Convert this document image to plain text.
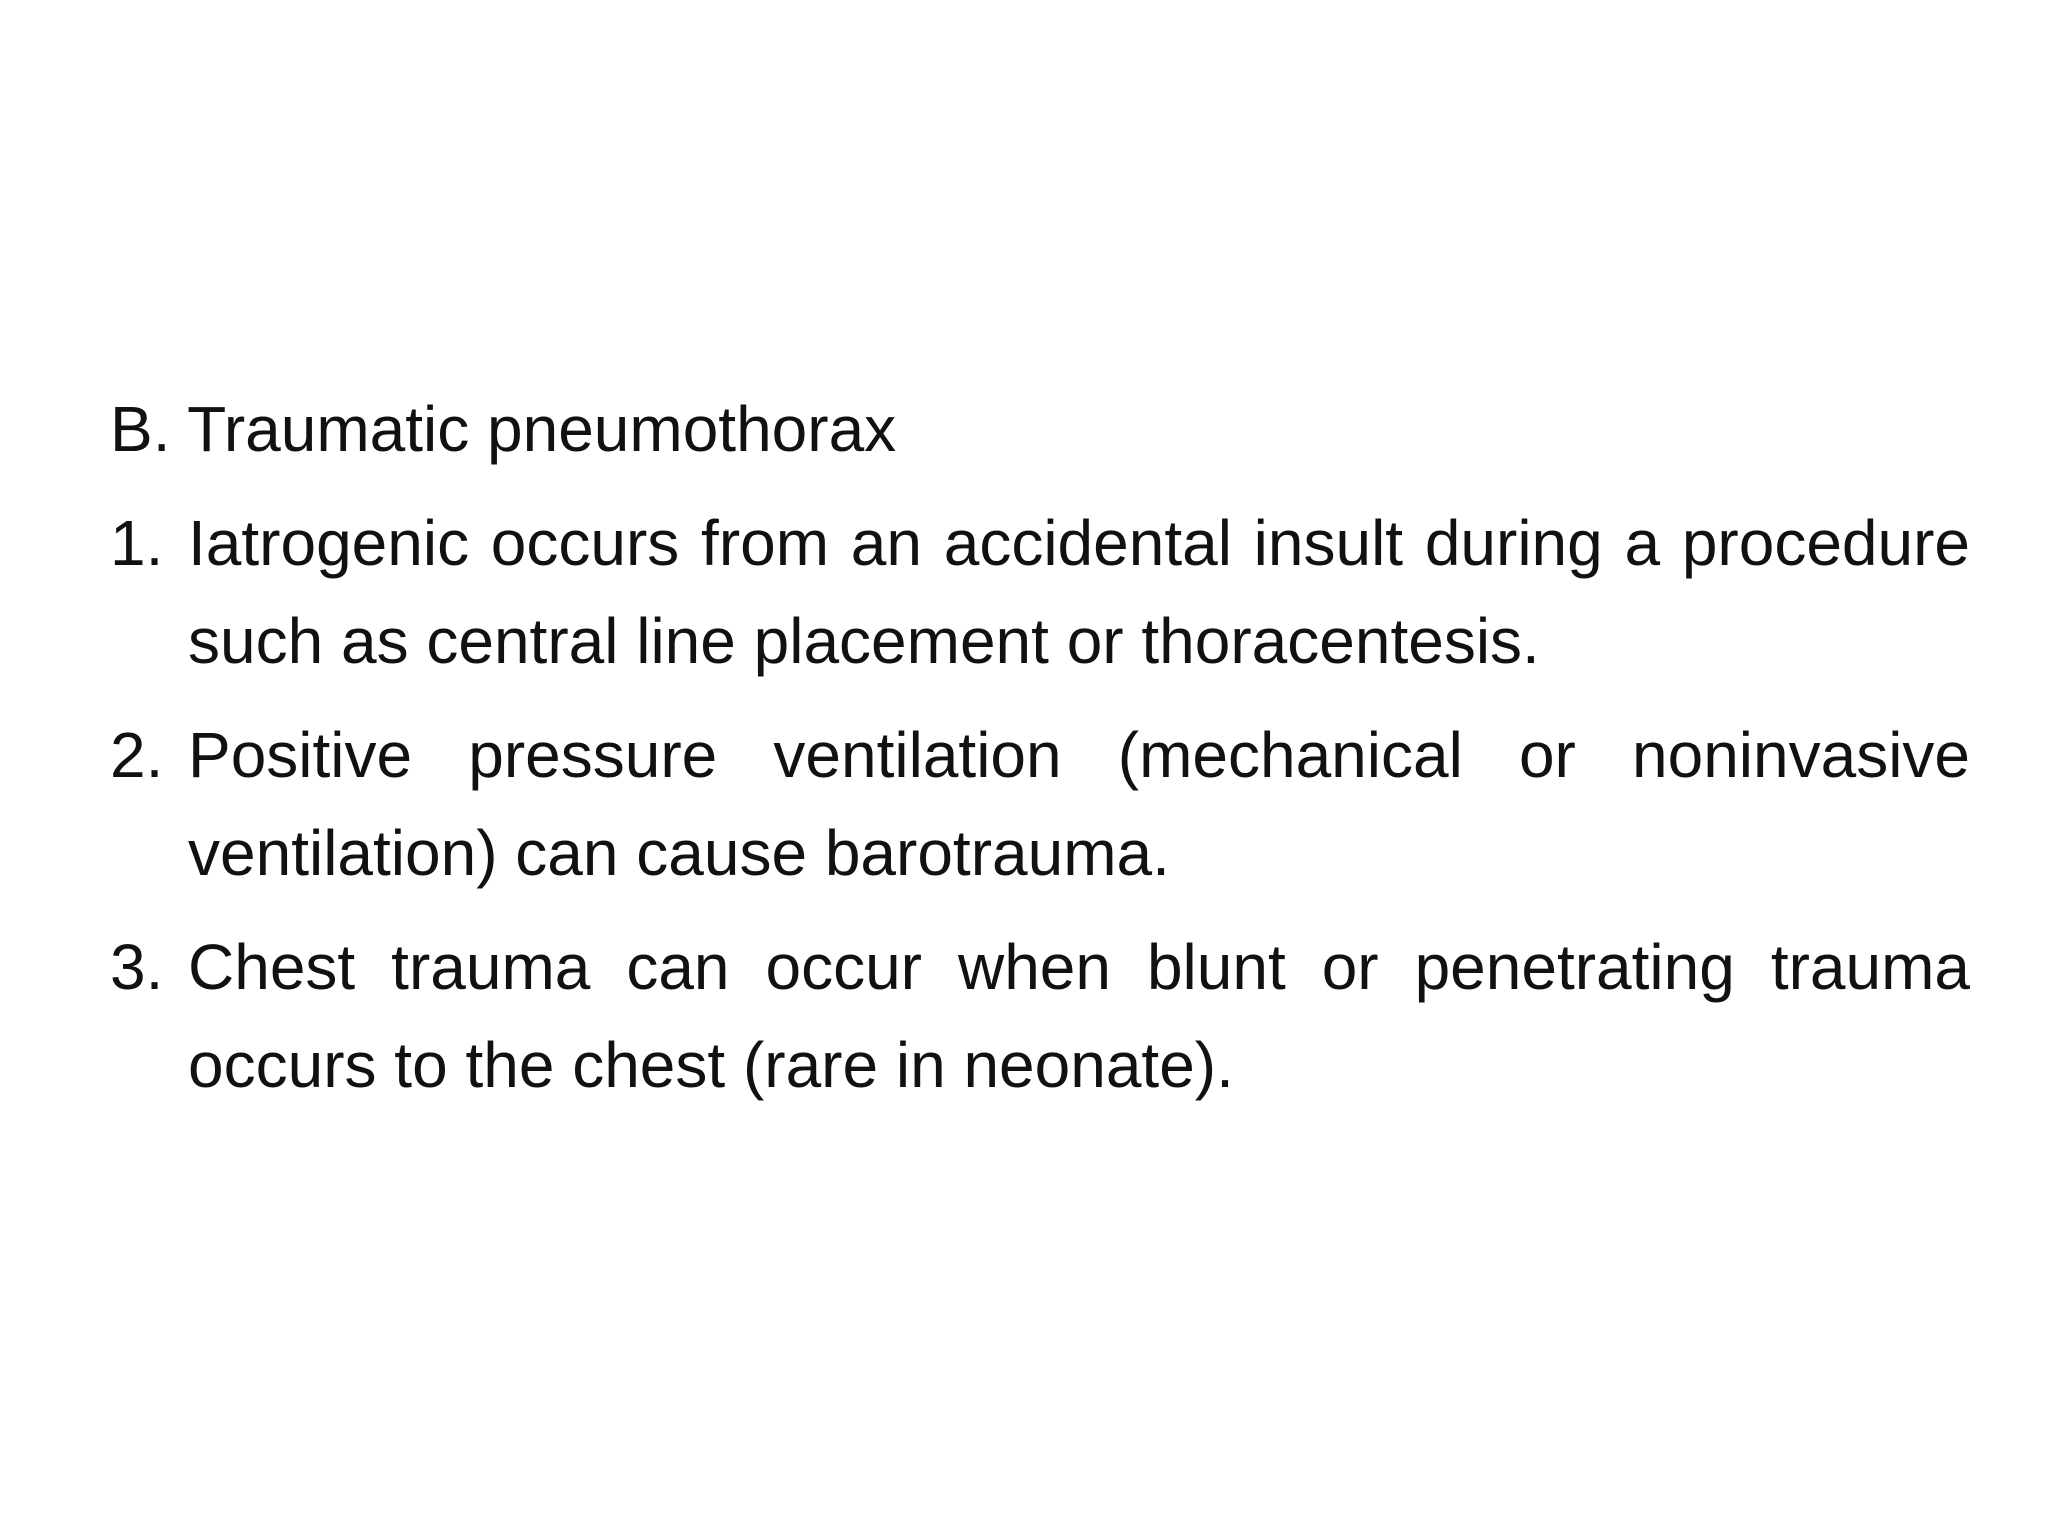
B. Traumatic pneumothorax
1. Iatrogenic occurs from an accidental insult during a procedure such as central line placement or thoracentesis.
2. Positive pressure ventilation (mechanical or noninvasive ventilation) can cause barotrauma.
3. Chest trauma can occur when blunt or penetrating trauma occurs to the chest (rare in neonate).
